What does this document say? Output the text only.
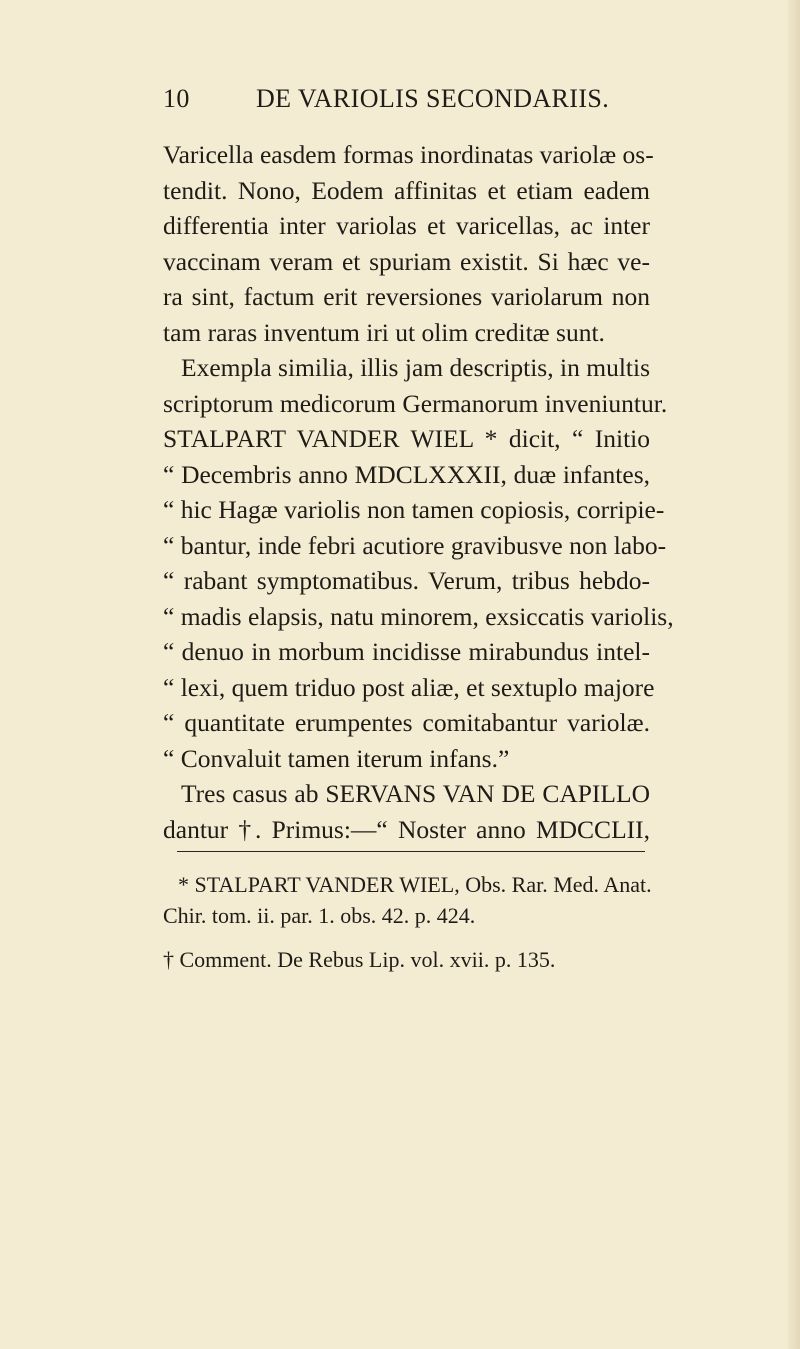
10	DE VARIOLIS SECONDARIIS.
Varicella easdem formas inordinatas variolæ os-
tendit. Nono, Eodem affinitas et etiam eadem
differentia inter variolas et varicellas, ac inter
vaccinam veram et spuriam existit. Si hæc ve-
ra sint, factum erit reversiones variolarum non
tam raras inventum iri ut olim creditæ sunt.
Exempla similia, illis jam descriptis, in multis
scriptorum medicorum Germanorum inveniuntur.
STALPART VANDER WIEL * dicit, “ Initio
“ Decembris anno MDCLXXXII, duæ infantes,
“ hic Hagæ variolis non tamen copiosis, corripie-
“ bantur, inde febri acutiore gravibusve non labo-
“ rabant symptomatibus. Verum, tribus hebdo-
“ madis elapsis, natu minorem, exsiccatis variolis,
“ denuo in morbum incidisse mirabundus intel-
“ lexi, quem triduo post aliæ, et sextuplo majore
“ quantitate erumpentes comitabantur variolæ.
“ Convaluit tamen iterum infans.”
Tres casus ab SERVANS VAN DE CAPILLO
dantur †. Primus:—“ Noster anno MDCCLII,
* STALPART VANDER WIEL, Obs. Rar. Med. Anat.
Chir. tom. ii. par. 1. obs. 42. p. 424.
† Comment. De Rebus Lip. vol. xvii. p. 135.
